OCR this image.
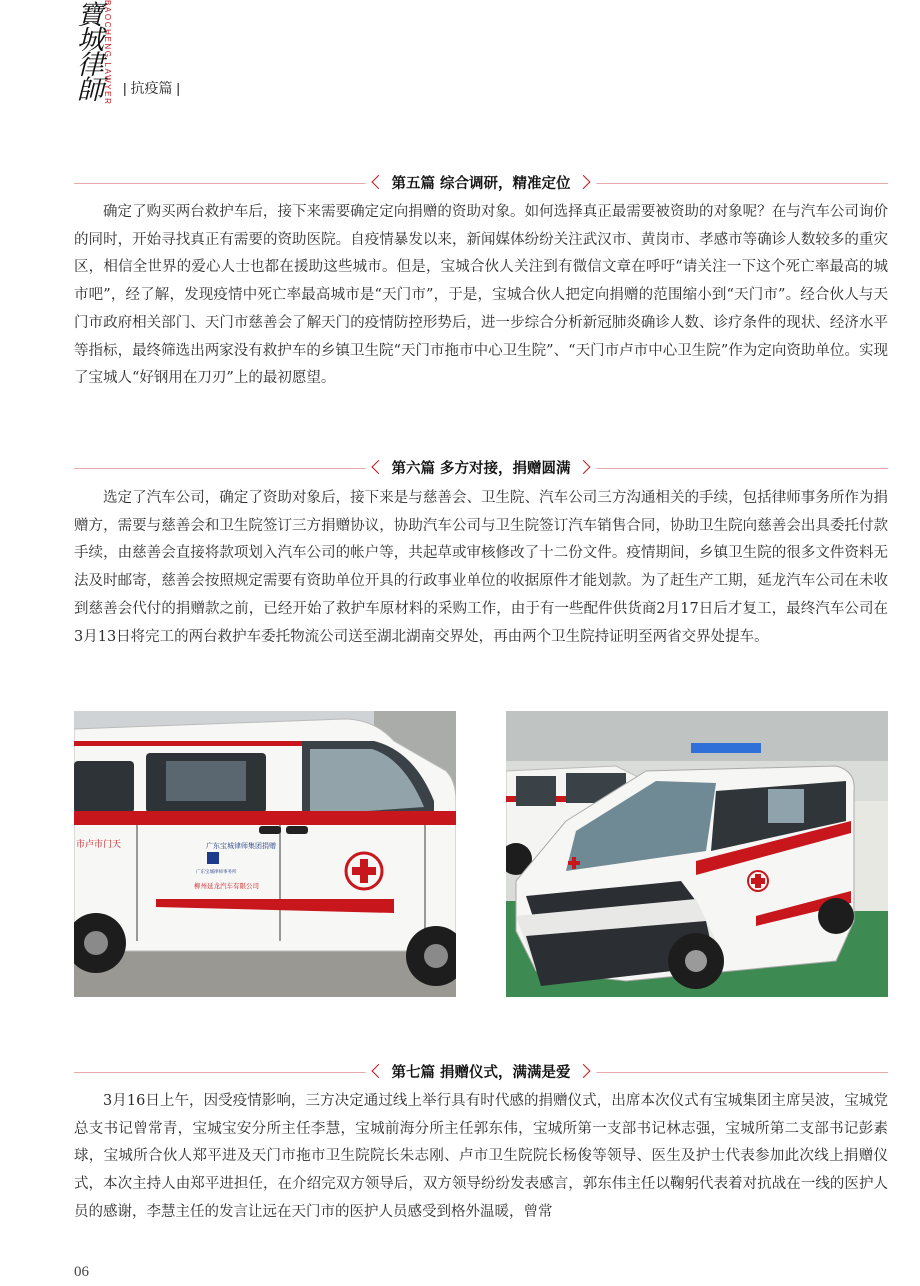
寶城律師 BAOCHENG LAWYER | 抗疫篇 |
第五篇 综合调研，精准定位

确定了购买两台救护车后，接下来需要确定定向捐赠的资助对象。如何选择真正最需要被资助的对象呢？在与汽车公司询价的同时，开始寻找真正有需要的资助医院。自疫情暴发以来，新闻媒体纷纷关注武汉市、黄岗市、孝感市等确诊人数较多的重灾区，相信全世界的爱心人士也都在援助这些城市。但是，宝城合伙人关注到有微信文章在呼吁“请关注一下这个死亡率最高的城市吧”，经了解，发现疫情中死亡率最高城市是“天门市”，于是，宝城合伙人把定向捐赠的范围缩小到“天门市”。经合伙人与天门市政府相关部门、天门市慈善会了解天门的疫情防控形势后，进一步综合分析新冠肺炎确诊人数、诊疗条件的现状、经济水平等指标，最终筛选出两家没有救护车的乡镇卫生院“天门市拖市中心卫生院”、“天门市卢市中心卫生院”作为定向资助单位。实现了宝城人“好钢用在刀刃”上的最初愿望。

第六篇 多方对接，捐赠圆满

选定了汽车公司，确定了资助对象后，接下来是与慈善会、卫生院、汽车公司三方沟通相关的手续，包括律师事务所作为捐赠方，需要与慈善会和卫生院签订三方捐赠协议，协助汽车公司与卫生院签订汽车销售合同，协助卫生院向慈善会出具委托付款手续，由慈善会直接将款项划入汽车公司的帐户等，共起草或审核修改了十二份文件。疫情期间，乡镇卫生院的很多文件资料无法及时邮寄，慈善会按照规定需要有资助单位开具的行政事业单位的收据原件才能划款。为了赶生产工期，延龙汽车公司在未收到慈善会代付的捐赠款之前，已经开始了救护车原材料的采购工作，由于有一些配件供货商2月17日后才复工，最终汽车公司在3月13日将完工的两台救护车委托物流公司送至湖北湖南交界处，再由两个卫生院持证明至两省交界处提车。

广东宝城律师集团捐赠
广东宝城律师事务所
柳州延龙汽车有限公司
市卢市门天
第七篇 捐赠仪式，满满是爱

3月16日上午，因受疫情影响，三方决定通过线上举行具有时代感的捐赠仪式，出席本次仪式有宝城集团主席吴波，宝城党总支书记曾常青，宝城宝安分所主任李慧，宝城前海分所主任郭东伟，宝城所第一支部书记林志强，宝城所第二支部书记彭素球，宝城所合伙人郑平进及天门市拖市卫生院院长朱志刚、卢市卫生院院长杨俊等领导、医生及护士代表参加此次线上捐赠仪式，本次主持人由郑平进担任，在介绍完双方领导后，双方领导纷纷发表感言，郭东伟主任以鞠躬代表着对抗战在一线的医护人员的感谢，李慧主任的发言让远在天门市的医护人员感受到格外温暖，曾常

06
